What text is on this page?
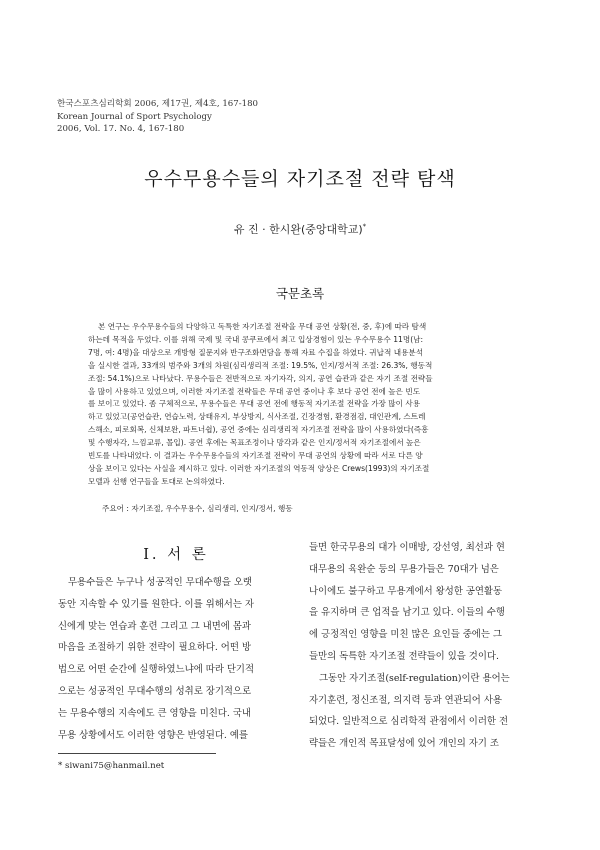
한국스포츠심리학회 2006, 제17권, 제4호, 167-180
Korean Journal of Sport Psychology
2006, Vol. 17. No. 4, 167-180
우수무용수들의 자기조절 전략 탐색
유 진 · 한시완(중앙대학교)*
국문초록
본 연구는 우수무용수들의 다양하고 독특한 자기조절 전략을 무대 공연 상황(전, 중, 후)에 따라 탐색
하는데 목적을 두었다. 이를 위해 국제 및 국내 콩쿠르에서 최고 입상경험이 있는 우수무용수 11명(남:
7명, 여: 4명)을 대상으로 개방형 질문지와 반구조화면담을 통해 자료 수집을 하였다. 귀납적 내용분석
을 실시한 결과, 33개의 범주와 3개의 차원(심리생리적 조절: 19.5%, 인지/정서적 조절: 26.3%, 행동적
조절: 54.1%)으로 나타났다. 무용수들은 전반적으로 자기자각, 의지, 공연 습관과 같은 자기 조절 전략들
을 많이 사용하고 있었으며, 이러한 자기조절 전략들은 무대 공연 중이나 후 보다 공연 전에 높은 빈도
를 보이고 있었다. 좀 구체적으로, 무용수들은 무대 공연 전에 행동적 자기조절 전략을 가장 많이 사용
하고 있었고(공연습관, 연습노력, 상태유지, 부상방지, 식사조절, 긴장경험, 환경점검, 대인관계, 스트레
스해소, 피로회복, 신체보완, 파트너쉽), 공연 중에는 심리생리적 자기조절 전략을 많이 사용하였다(즉흥
및 수행자각, 느낌교류, 몰입). 공연 후에는 목표조정이나 망각과 같은 인지/정서적 자기조절에서 높은
빈도를 나타내었다. 이 결과는 우수무용수들의 자기조절 전략이 무대 공연의 상황에 따라 서로 다른 양
상을 보이고 있다는 사실을 제시하고 있다. 이러한 자기조절의 역동적 양상은 Crews(1993)의 자기조절
모델과 선행 연구들을 토대로 논의하였다.
주요어 : 자기조절, 우수무용수, 심리생리, 인지/정서, 행동
Ⅰ. 서 론
무용수들은 누구나 성공적인 무대수행을 오랫
동안 지속할 수 있기를 원한다. 이를 위해서는 자
신에게 맞는 연습과 훈련 그리고 그 내면에 몸과
마음을 조절하기 위한 전략이 필요하다. 어떤 방
법으로 어떤 순간에 실행하였느냐에 따라 단기적
으로는 성공적인 무대수행의 성취로 장기적으로
는 무용수행의 지속에도 큰 영향을 미친다. 국내
무용 상황에서도 이러한 영향은 반영된다. 예를
들면 한국무용의 대가 이매방, 강선영, 최선과 현
대무용의 육완순 등의 무용가들은 70대가 넘은
나이에도 불구하고 무용계에서 왕성한 공연활동
을 유지하며 큰 업적을 남기고 있다. 이들의 수행
에 긍정적인 영향을 미친 많은 요인들 중에는 그
들만의 독특한 자기조절 전략들이 있을 것이다.
그동안 자기조절(self-regulation)이란 용어는
자기훈련, 정신조절, 의지력 등과 연관되어 사용
되었다. 일반적으로 심리학적 관점에서 이러한 전
략들은 개인적 목표달성에 있어 개인의 자기 조
* siwani75@hanmail.net
